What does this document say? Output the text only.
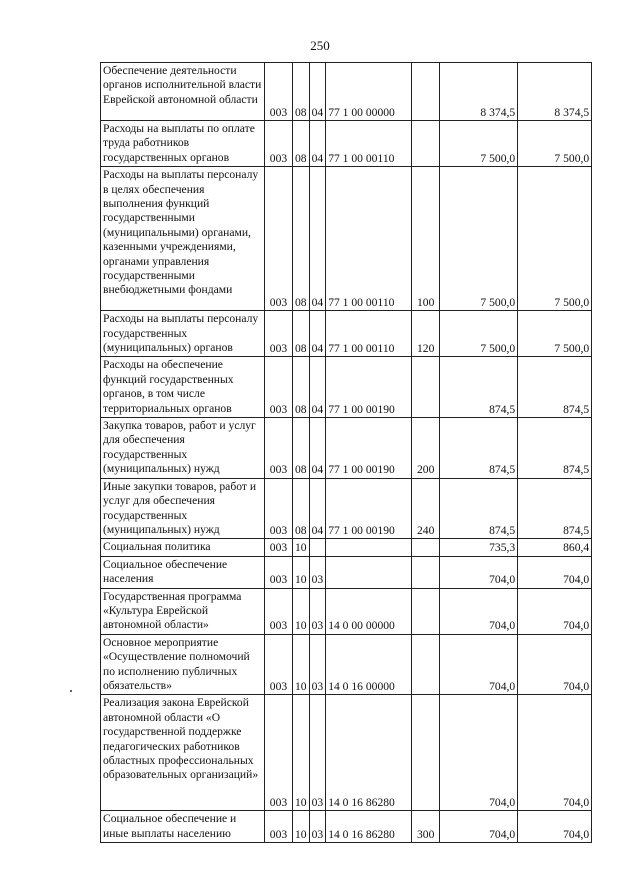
250
Обеспечение деятельности органов исполнительной власти Еврейской автономной области	003	08	04	77 1 00 00000		8 374,5	8 374,5
Расходы на выплаты по оплате труда работников государственных органов	003	08	04	77 1 00 00110		7 500,0	7 500,0
Расходы на выплаты персоналу в целях обеспечения выполнения функций государственными (муниципальными) органами, казенными учреждениями, органами управления государственными внебюджетными фондами	003	08	04	77 1 00 00110	100	7 500,0	7 500,0
Расходы на выплаты персоналу государственных (муниципальных) органов	003	08	04	77 1 00 00110	120	7 500,0	7 500,0
Расходы на обеспечение функций государственных органов, в том числе территориальных органов	003	08	04	77 1 00 00190		874,5	874,5
Закупка товаров, работ и услуг для обеспечения государственных (муниципальных) нужд	003	08	04	77 1 00 00190	200	874,5	874,5
Иные закупки товаров, работ и услуг для обеспечения государственных (муниципальных) нужд	003	08	04	77 1 00 00190	240	874,5	874,5
Социальная политика	003	10				735,3	860,4
Социальное обеспечение населения	003	10	03			704,0	704,0
Государственная программа «Культура Еврейской автономной области»	003	10	03	14 0 00 00000		704,0	704,0
Основное мероприятие «Осуществление полномочий по исполнению публичных обязательств»	003	10	03	14 0 16 00000		704,0	704,0
Реализация закона Еврейской автономной области «О государственной поддержке педагогических работников областных профессиональных образовательных организаций»	003	10	03	14 0 16 86280		704,0	704,0
Социальное обеспечение и иные выплаты населению	003	10	03	14 0 16 86280	300	704,0	704,0
